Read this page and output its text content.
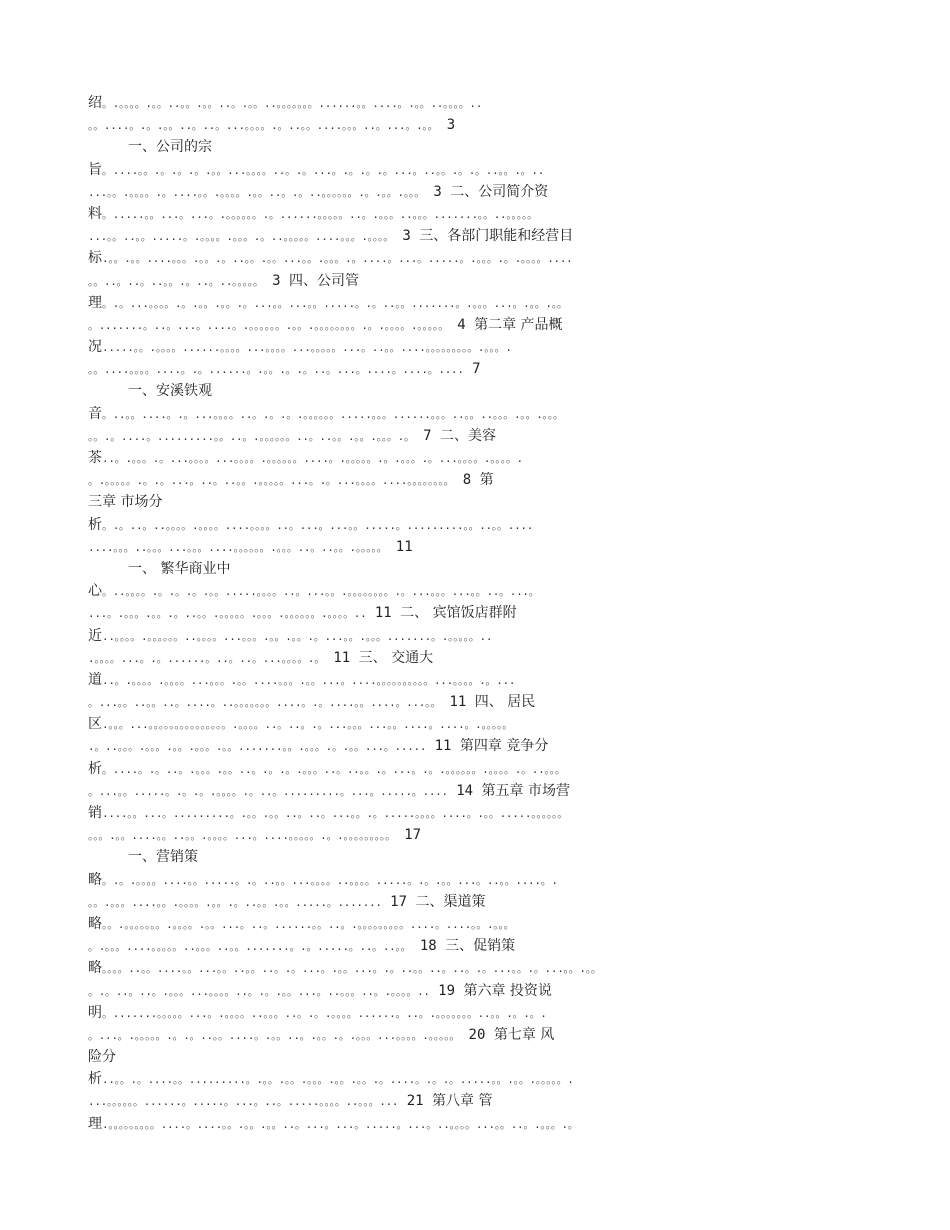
绍。.。。。。.。。..。。.。。..。.。。..。。。。。。。......。。....。.。。..。。。。..
。。....。.。.。。..。..。...。。。。.。..。。....。。。..。...。.。。 3
一、公司的宗
旨。....。。.。.。.。.。。...。。。。..。.。...。.。.。.。...。..。。.。.。..。。.。..
...。。.。。。。.。....。。.。。。。.。。..。.。..。。。。。。.。.。。.。。。 3 二、公司简介资
料。.....。。...。...。.。。。。。。.。......。。。。。..。.。。。..。。。.......。。..。。。。。
...。。..。。.....。.。。。。.。。。.。..。。。。。....。。。.。。。。 3 三、各部门职能和经营目
标.。。.。。....。。。.。。.。..。。.。。...。。.。。。.。....。...。.....。.。。。.。.。。。。....
。。..。..。..。。.。..。..。。。。。 3 四、公司管
理。.。...。。。。.。.。。.。。.。...。。...。。.....。.。..。。.......。.。。。...。.。。.。。
。.......。..。...。....。.。。。。。。.。。.。。。。。。。。.。.。。。。.。。。。。 4 第二章 产品概
况.....。。.。。。。......。。。。...。。。。...。。。。。...。..。。....。。。。。。。。。.。。。.
。。....。。。。....。.。......。.。。.。.。..。...。....。....。.... 7
一、安溪铁观
音。..。。....。.。...。。。。..。.。.。.。。。。。。.....。。。......。。。..。。..。。。.。。.。。。
。。.。....。.........。。..。.。。。。。。..。..。。.。。.。。。.。 7 二、美容
茶..。.。。。.。...。。。。...。。。。.。。。。。。....。.。。。。。.。.。。。.。...。。。。.。。。。.
。.。。。。。.。.。...。..。..。。.。。。。。...。.。...。。。。....。。。。。。。。 8 第
三章 市场分
析。.。..。..。。。。.。。。。....。。。。..。...。...。。.....。.........。。..。。....
....。。。..。。。...。。。....。。。。。。.。。。..。..。。.。。。。。 11
一、 繁华商业中
心。..。。。。.。.。.。.。。.....。。。。..。...。。.。。。。。。。。.。...。。。...。。..。...。
...。.。。。.。。.。..。。.。。。。。.。。。.。。。。。。.。。。。.. 11 二、 宾馆饭店群附
近..。。。。.。。。。。。..。。。。...。。。.。。.。。.。...。。.。。。.......。.。。。。。..
.。。。。...。.。......。..。..。...。。。。.。 11 三、 交通大
道..。.。。。。.。。。。...。。。.。。....。。。.。。...。....。。。。。。。。。。...。。。。.。...
。...。。..。。..。....。..。。。。。。。....。.。....。。....。...。。 11 四、 居民
区.。。。...。。。。。。。。。。。。。。。.。。。。..。..。.。...。。。...。。....。....。.。。。。。
.。..。。。.。。。.。。.。。。.。。.......。。.。。。.。.。。...。..... 11 第四章 竞争分
析。....。.。..。.。。。.。。..。.。.。.。。。..。..。。.。...。.。.。。。。。。.。。。。.。..。。。
。...。。.....。.。.。.。。。。.。..。.........。...。.....。.... 14 第五章 市场营
销....。。...。.........。.。。.。。..。..。...。。.。.....。。。。....。.。。.....。。。。。。
。。。.。。....。。..。。.。。。。...。....。。。。。.。.。。。。。。。。。 17
一、营销策
略。.。.。。。。....。。.....。.。..。。...。。。。..。。。。.....。.。.。。...。..。。....。.
。。.。。。....。。.。。。。.。。.。..。。.。。.....。....... 17 二、渠道策
略。。.。。。。。。。.。。。。.。。...。..。......。。..。.。。。。。。。。。....。....。。.。。。
。.。。。....。。。。。..。。。..。。.......。.。.....。..。..。。 18 三、促销策
略。。。。..。。....。。...。。..。。..。.。...。.。。...。.。..。。..。..。.。...。。.。...。。.。。
。.。..。..。.。。。...。。。。..。.。.。。...。..。。。..。.。。。。.. 19 第六章 投资说
明。.......。。。。。...。.。。。。..。。。..。.。.。。。。......。..。.。。。。。。。..。。.。.。.
。...。.。。。。。.。.。..。。....。.。。..。.。。.。.。。。...。。。。.。。。。。 20 第七章 风
险分
析..。。.。....。。.........。.。。.。。.。。。.。。.。。.。....。.。.。.....。。.。。.。。。。。.
...。。。。。。......。.....。...。..。.....。。。。..。。。... 21 第八章 管
理.。。。。。。。。。....。....。。.。。.。。..。...。...。.....。...。..。。。。...。。..。.。。。.。
